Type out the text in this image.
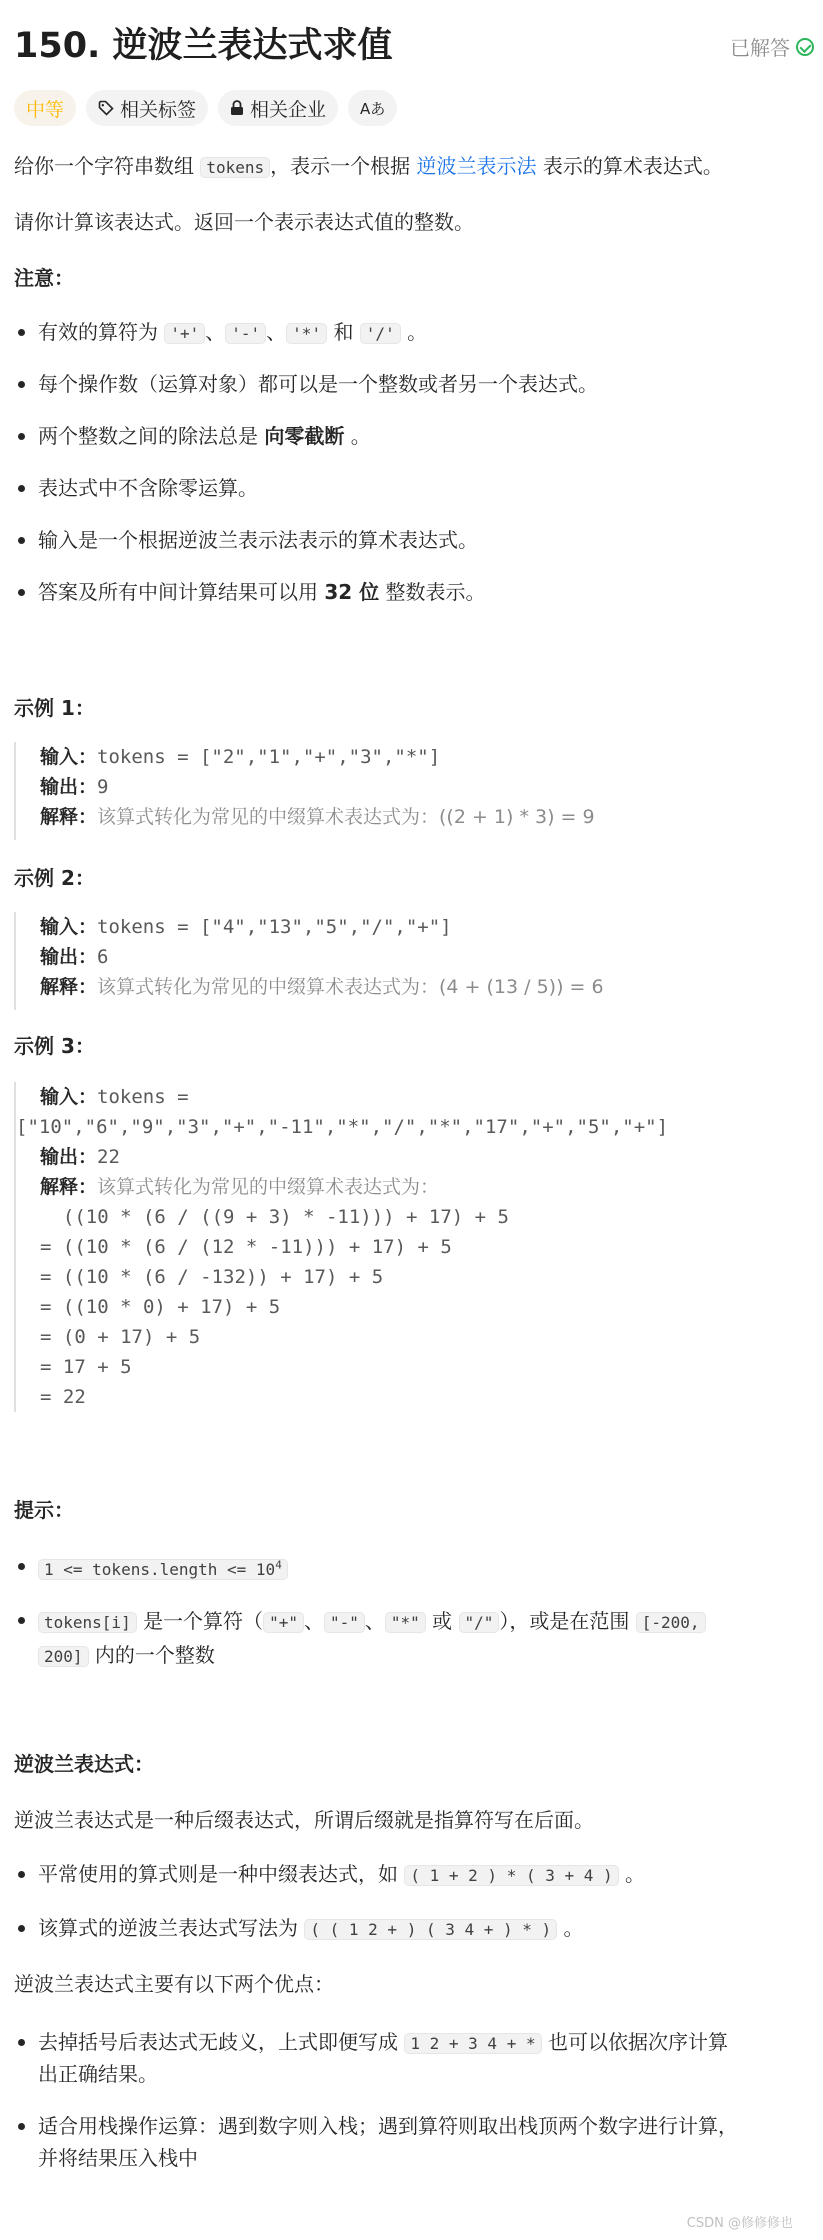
150. 逆波兰表达式求值	已解答
中等	相关标签	相关企业 Aあ

给你一个字符串数组 tokens ，表示一个根据 逆波兰表示法 表示的算术表达式。

请你计算该表达式。返回一个表示表达式值的整数。

注意：

有效的算符为 '+' 、 '-' 、 '*' 和 '/' 。
每个操作数（运算对象）都可以是一个整数或者另一个表达式。
两个整数之间的除法总是 向零截断 。
表达式中不含除零运算。
输入是一个根据逆波兰表示法表示的算术表达式。
答案及所有中间计算结果可以用 32 位 整数表示。

示例 1：

输入：tokens = ["2","1","+","3","*"]
输出：9
解释：该算式转化为常见的中缀算术表达式为：((2 + 1) * 3) = 9

示例 2：

输入：tokens = ["4","13","5","/","+"]
输出：6
解释：该算式转化为常见的中缀算术表达式为：(4 + (13 / 5)) = 6

示例 3：

输入：tokens =
["10","6","9","3","+","-11","*","/","*","17","+","5","+"]
输出：22
解释：该算式转化为常见的中缀算术表达式为：
((10 * (6 / ((9 + 3) * -11))) + 17) + 5
= ((10 * (6 / (12 * -11))) + 17) + 5
= ((10 * (6 / -132)) + 17) + 5
= ((10 * 0) + 17) + 5
= (0 + 17) + 5
= 17 + 5
= 22

提示：

1 <= tokens.length <= $10^4$
tokens[i] 是一个算符（ "+" 、 "-" 、 "*" 或 "/" ），或是在范围 [-200,
200] 内的一个整数

逆波兰表达式：

逆波兰表达式是一种后缀表达式，所谓后缀就是指算符写在后面。

平常使用的算式则是一种中缀表达式，如 ( 1 + 2 ) * ( 3 + 4 ) 。
该算式的逆波兰表达式写法为 ( ( 1 2 + ) ( 3 4 + ) * ) 。

逆波兰表达式主要有以下两个优点：

去掉括号后表达式无歧义，上式即便写成 1 2 + 3 4 + * 也可以依据次序计算
出正确结果。
适合用栈操作运算：遇到数字则入栈；遇到算符则取出栈顶两个数字进行计算，
并将结果压入栈中
CSDN @修修修也
